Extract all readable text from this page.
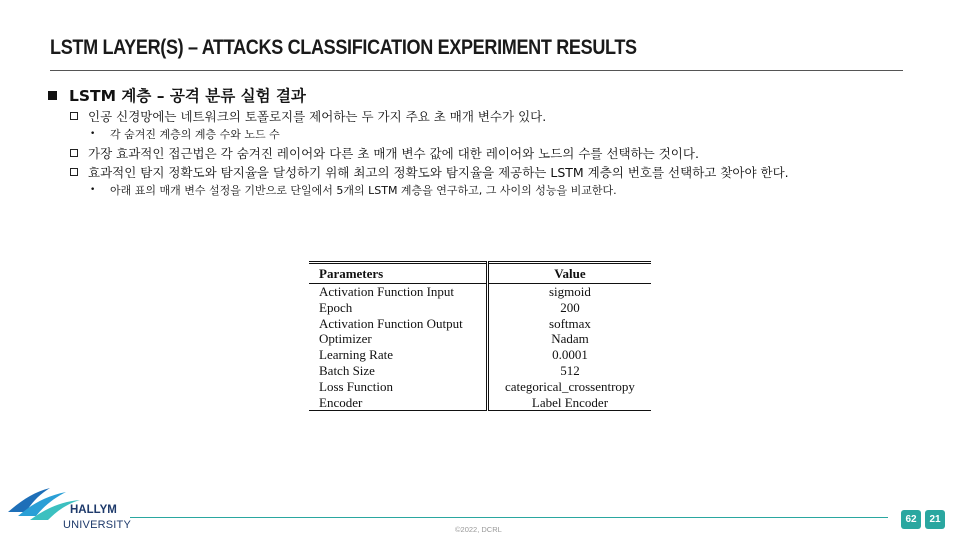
LSTM LAYER(S) – ATTACKS CLASSIFICATION EXPERIMENT RESULTS
LSTM 계층 – 공격 분류 실험 결과
인공 신경망에는 네트워크의 토폴로지를 제어하는 두 가지 주요 초 매개 변수가 있다.
•	각 숨겨진 계층의 계층 수와 노드 수
가장 효과적인 접근법은 각 숨겨진 레이어와 다른 초 매개 변수 값에 대한 레이어와 노드의 수를 선택하는 것이다.
효과적인 탐지 정확도와 탐지율을 달성하기 위해 최고의 정확도와 탐지율을 제공하는 LSTM 계층의 번호를 선택하고 찾아야 한다.
•	아래 표의 매개 변수 설정을 기반으로 단일에서 5개의 LSTM 계층을 연구하고, 그 사이의 성능을 비교한다.
Parameters	Value
Activation Function Input	sigmoid
Epoch	200
Activation Function Output	softmax
Optimizer	Nadam
Learning Rate	0.0001
Batch Size	512
Loss Function	categorical_crossentropy
Encoder	Label Encoder
HALLYM
UNIVERSITY	©2022, DCRL
62	21
